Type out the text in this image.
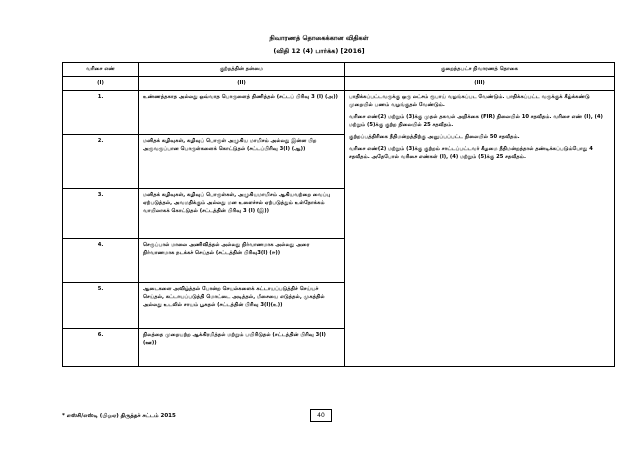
நிவாரணத் தொகைக்கான விதிகள்
(விதி 12 (4) பார்க்க) [2016]
வரிசை எண்	குற்றத்தின் தன்மை	குறைந்தபட்ச நிவாரணத் தொகை
(I)	(II)	(III)
1.	உண்ணத்தகாத அல்லது ஒவ்வாத பொருளைத் திணித்தல் (சட்டப் பிரிவு 3 (I) (அ))	பாதிக்கப்பட்டவருக்கு ஒரு லட்சம் ரூபாய் வழங்கப்பட வேண்டும். பாதிக்கப்பட்ட வருக்குக் கீழ்க்கண்டு முறையில் பணம் வழங்குதல் வேண்டும்.

வரிசை எண்(2) மற்றும் (3)க்கு முதல் தகவல் அறிக்கை (FIR) நிலையில் 10 சதவீதம். வரிசை எண் (I), (4) மற்றும் (5)க்கு குற்ற நிலையில் 25 சதவீதம்.

குற்றப்பத்திரிகை நீதிமன்றத்திற்கு அனுப்பப்பட்ட நிலையில் 50 சதவீதம்.

வரிசை எண்(2) மற்றும் (3)க்கு குற்றம் சாட்டப்பட்டவர் கீழமை நீதிமன்றத்தால் தண்டிக்கப்படும்போது 4 சதவீதம். அதேபோல் வரிசை எண்கள் (I), (4) மற்றும் (5)க்கு 25 சதவீதம்.

2.	மனிதக் கழிவுகள், கழிவுப் பொருள் அழுகிய மாமிசம் அல்லது இன்ன பிற அருவருப்பான பொருள்களைக் கொட்டுதல் (சட்டப்பிரிவு 3(I) (ஆ))	
3.	மனிதக் கழிவுகள், கழிவுப் பொருள்கள், அழுகியமாமிசம் ஆகியவற்றை வைப்பு ஏற்படுத்தல், அவமதிக்கும் அல்லது மன உளைச்சல் ஏற்படுத்தும் உள்நோக்கம் வாயிலாகக் கொட்டுதல் (சட்டத்தின் பிரிவு 3 (I) (இ))	
4.	செருப்பால் மாலை அணிவித்தல் அல்லது நிர்வாணமாக அல்லது அரை நிர்வாணமாக நடக்கச் செய்தல் (சட்டத்தின் பிரிவு3(I) (ஈ))	
5.	ஆடைகளை அவிழ்த்தல் போன்ற செயல்களைக் கட்டாயப்படுத்திச் செய்யச் செய்தல், கட்டாயப்படுத்தி மொட்டை அடித்தல், மீசையை எடுத்தல், முகத்தில் அல்லது உடலில் சாயம் பூசுதல் (சட்டத்தின் பிரிவு 3(I)(உ))	
6.	நிலத்தை முறையற்ற ஆக்கிரமித்தல் மற்றும் பயிரிடுதல் (சட்டத்தின் பிரிவு 3(I) (ஊ))	
* எஸ்சி/எஸ்டி (பிஓஏ) திருத்தச் சட்டம் 2015	40
